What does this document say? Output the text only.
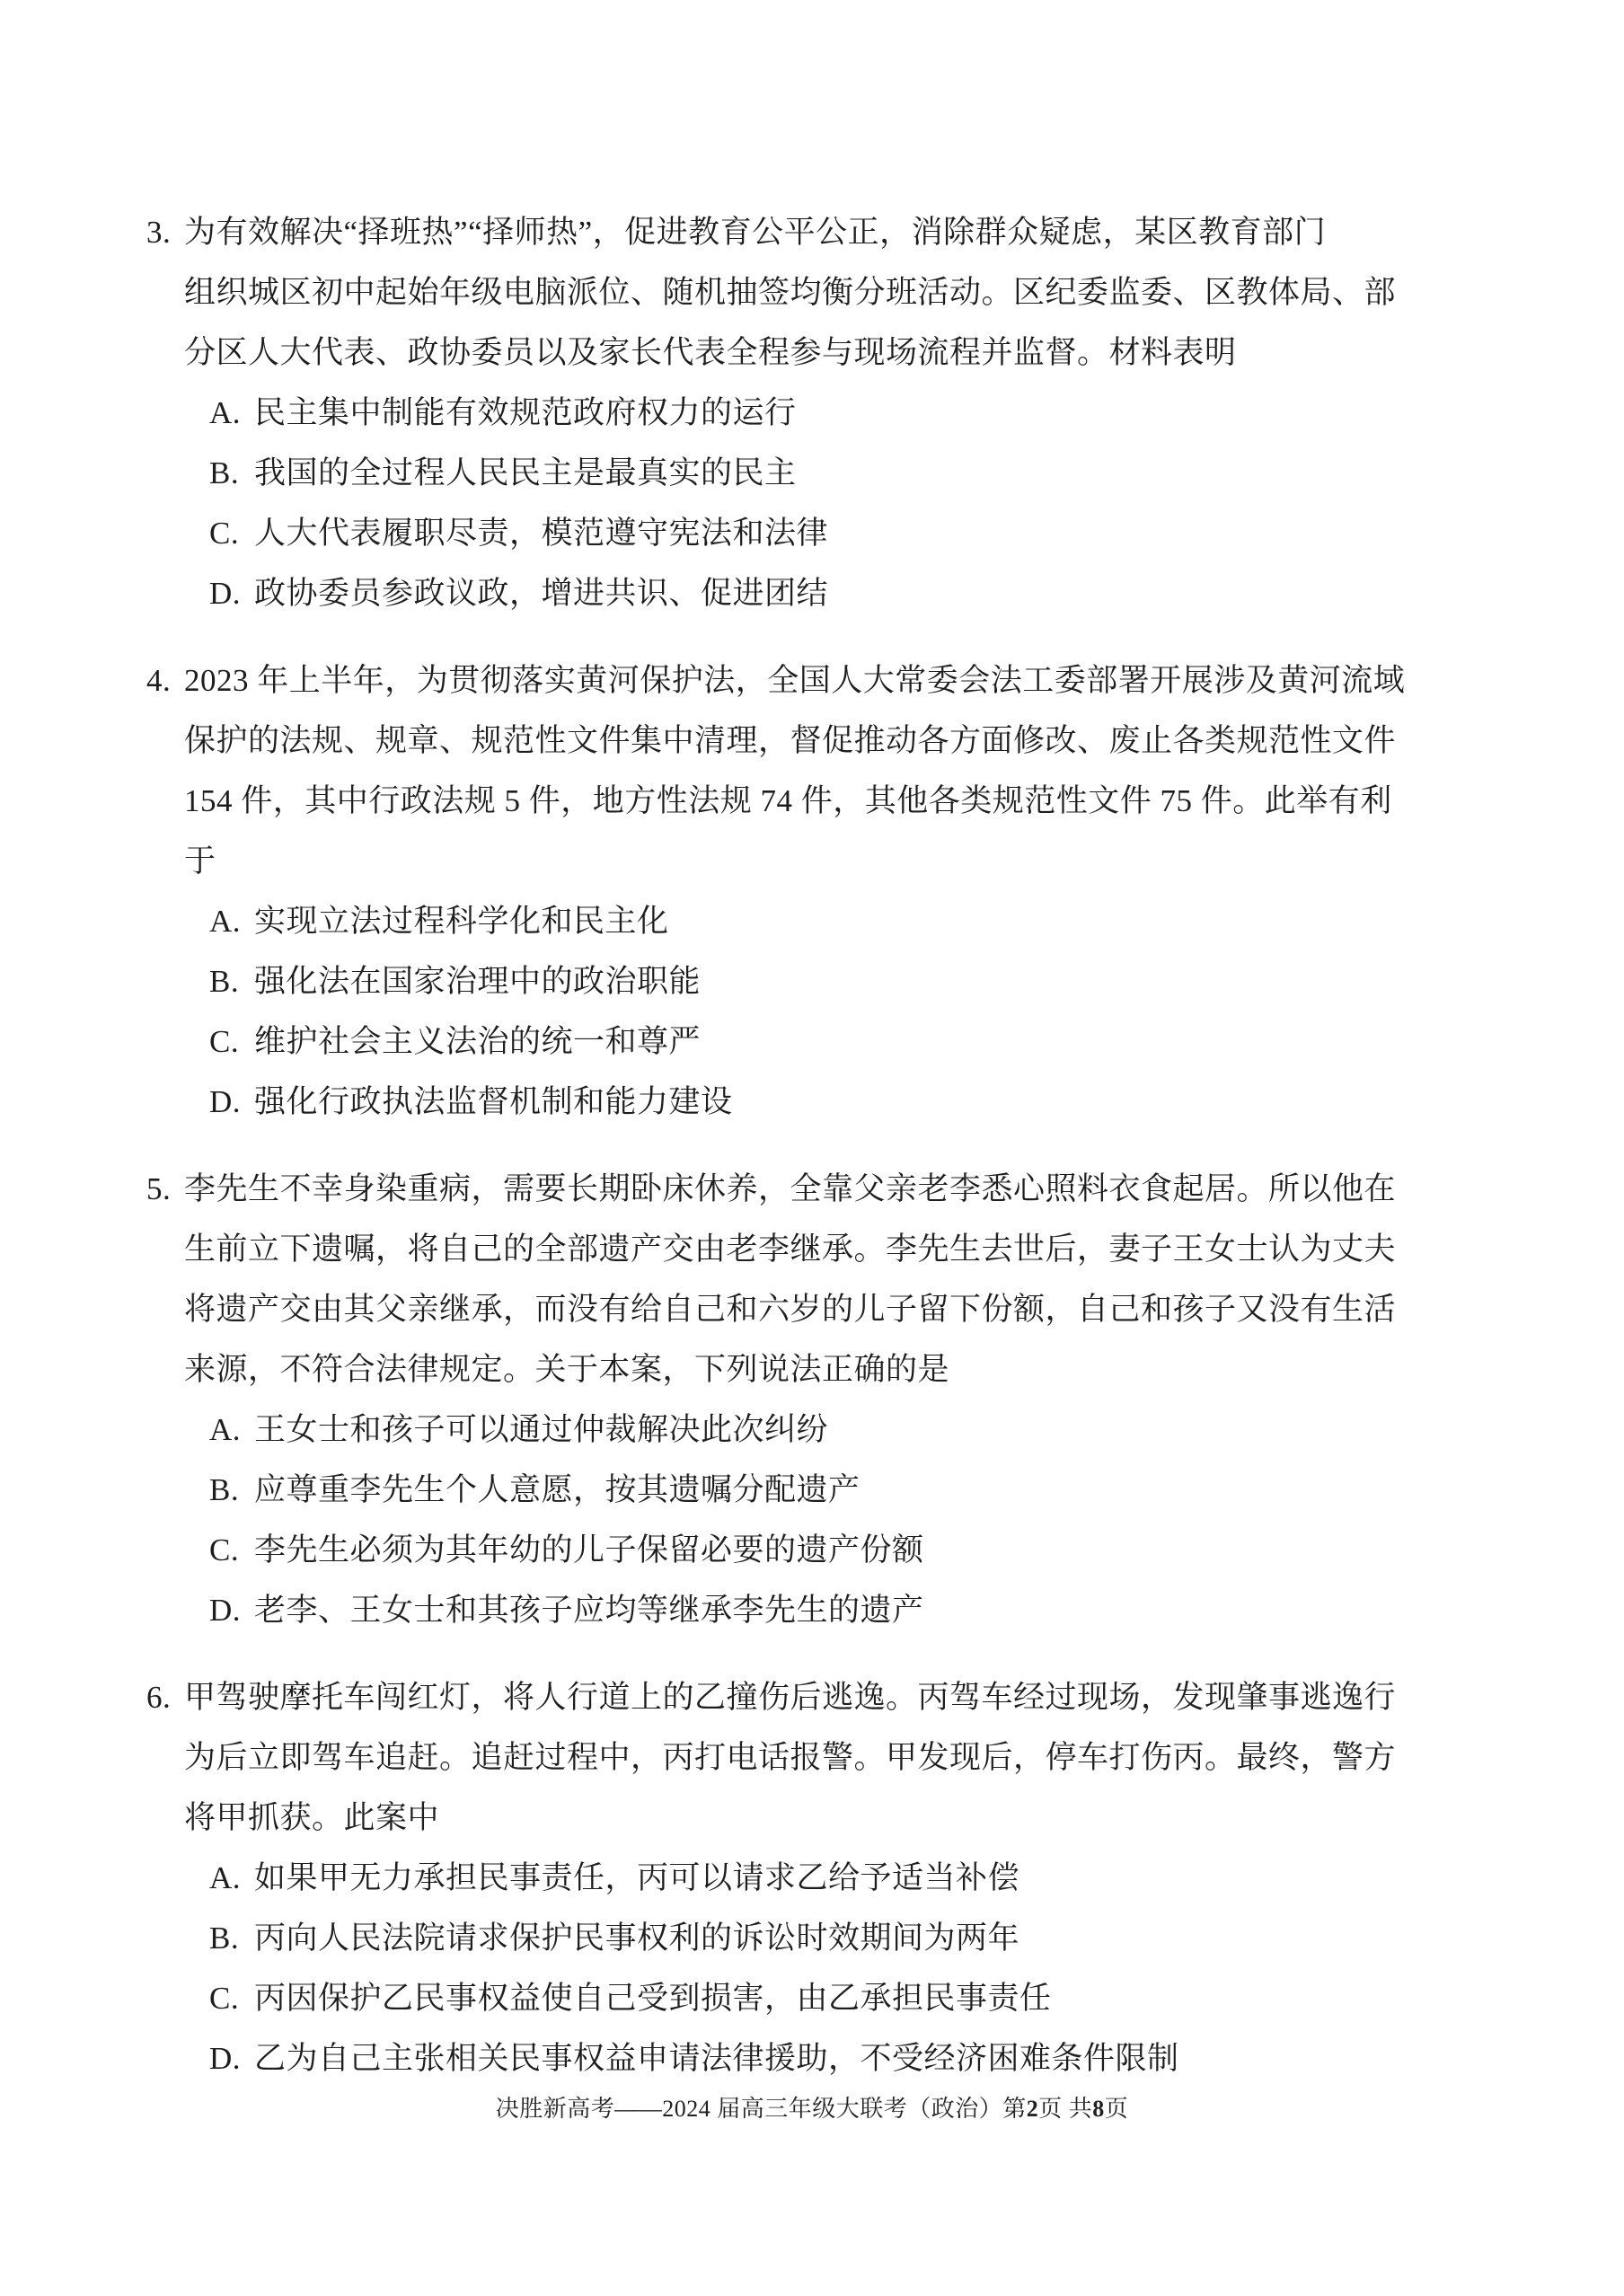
3. 为有效解决“择班热”“择师热”，促进教育公平公正，消除群众疑虑，某区教育部门
组织城区初中起始年级电脑派位、随机抽签均衡分班活动。区纪委监委、区教体局、部
分区人大代表、政协委员以及家长代表全程参与现场流程并监督。材料表明
A. 民主集中制能有效规范政府权力的运行
B. 我国的全过程人民民主是最真实的民主
C. 人大代表履职尽责，模范遵守宪法和法律
D. 政协委员参政议政，增进共识、促进团结
4. 2023 年上半年，为贯彻落实黄河保护法，全国人大常委会法工委部署开展涉及黄河流域
保护的法规、规章、规范性文件集中清理，督促推动各方面修改、废止各类规范性文件
154 件，其中行政法规 5 件，地方性法规 74 件，其他各类规范性文件 75 件。此举有利
于
A. 实现立法过程科学化和民主化
B. 强化法在国家治理中的政治职能
C. 维护社会主义法治的统一和尊严
D. 强化行政执法监督机制和能力建设
5. 李先生不幸身染重病，需要长期卧床休养，全靠父亲老李悉心照料衣食起居。所以他在
生前立下遗嘱，将自己的全部遗产交由老李继承。李先生去世后，妻子王女士认为丈夫
将遗产交由其父亲继承，而没有给自己和六岁的儿子留下份额，自己和孩子又没有生活
来源，不符合法律规定。关于本案，下列说法正确的是
A. 王女士和孩子可以通过仲裁解决此次纠纷
B. 应尊重李先生个人意愿，按其遗嘱分配遗产
C. 李先生必须为其年幼的儿子保留必要的遗产份额
D. 老李、王女士和其孩子应均等继承李先生的遗产
6. 甲驾驶摩托车闯红灯，将人行道上的乙撞伤后逃逸。丙驾车经过现场，发现肇事逃逸行
为后立即驾车追赶。追赶过程中，丙打电话报警。甲发现后，停车打伤丙。最终，警方
将甲抓获。此案中
A. 如果甲无力承担民事责任，丙可以请求乙给予适当补偿
B. 丙向人民法院请求保护民事权利的诉讼时效期间为两年
C. 丙因保护乙民事权益使自己受到损害，由乙承担民事责任
D. 乙为自己主张相关民事权益申请法律援助，不受经济困难条件限制
决胜新高考——2024 届高三年级大联考（政治）第2页 共8页
